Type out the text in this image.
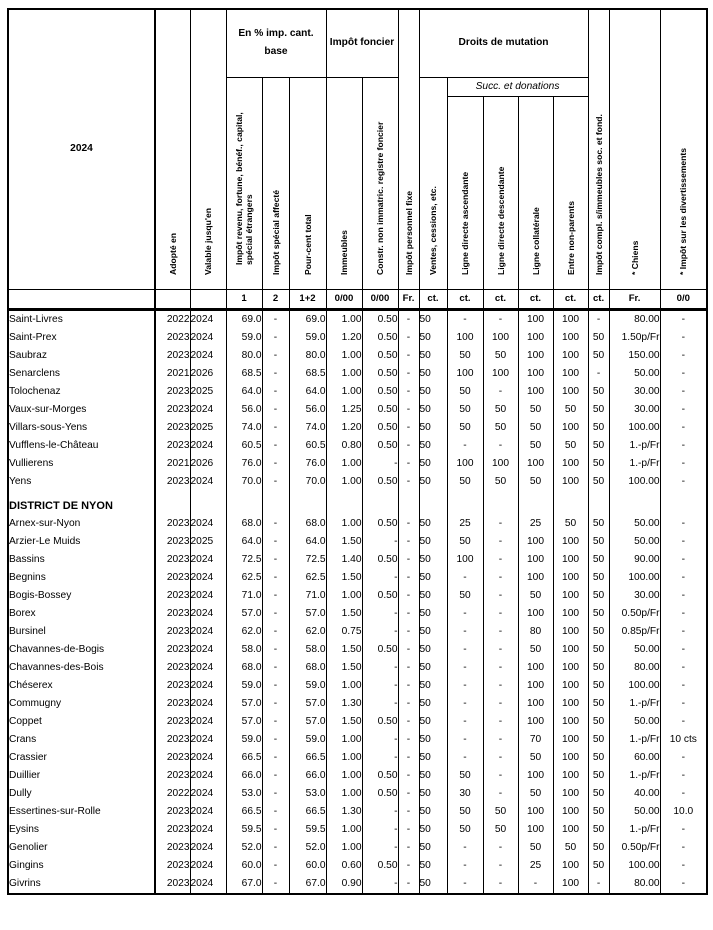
2024	Adopté en	Valable jusqu'en	En % imp. cant. base			Impôt foncier		Impôt personnel fixe	Droits de mutation					Impôt compl. s/immeubles soc. et fond.	* Chiens	* Impôt sur les divertissements

			Impôt revenu, fortune, bénéf., capital, spécial étrangers	Impôt spécial affecté	Pour-cent total	Immeubles	Constr. non immatric. registre foncier		Ventes, cessions, etc.	Succ. et donations						

										Ligne directe ascendante	Ligne directe descendante	Ligne collatérale	Entre non-parents			

			1	2	1+2	0/00	0/00	Fr.	ct.	ct.	ct.	ct.	ct.	ct.	Fr.	0/0
Saint-Livres	2022	2024	69.0	-	69.0	1.00	0.50	-	50	-	-	100	100	-	80.00	-
Saint-Prex	2023	2024	59.0	-	59.0	1.20	0.50	-	50	100	100	100	100	50	1.50p/Fr	-
Saubraz	2023	2024	80.0	-	80.0	1.00	0.50	-	50	50	50	100	100	50	150.00	-
Senarclens	2021	2026	68.5	-	68.5	1.00	0.50	-	50	100	100	100	100	-	50.00	-
Tolochenaz	2023	2025	64.0	-	64.0	1.00	0.50	-	50	50	-	100	100	50	30.00	-
Vaux-sur-Morges	2023	2024	56.0	-	56.0	1.25	0.50	-	50	50	50	50	50	50	30.00	-
Villars-sous-Yens	2023	2025	74.0	-	74.0	1.20	0.50	-	50	50	50	50	100	50	100.00	-
Vufflens-le-Château	2023	2024	60.5	-	60.5	0.80	0.50	-	50	-	-	50	50	50	1.-p/Fr	-
Vullierens	2021	2026	76.0	-	76.0	1.00	-	-	50	100	100	100	100	50	1.-p/Fr	-
Yens	2023	2024	70.0	-	70.0	1.00	0.50	-	50	50	50	50	100	50	100.00	-
DISTRICT DE NYON																
Arnex-sur-Nyon	2023	2024	68.0	-	68.0	1.00	0.50	-	50	25	-	25	50	50	50.00	-
Arzier-Le Muids	2023	2025	64.0	-	64.0	1.50	-	-	50	50	-	100	100	50	50.00	-
Bassins	2023	2024	72.5	-	72.5	1.40	0.50	-	50	100	-	100	100	50	90.00	-
Begnins	2023	2024	62.5	-	62.5	1.50	-	-	50	-	-	100	100	50	100.00	-
Bogis-Bossey	2023	2024	71.0	-	71.0	1.00	0.50	-	50	50	-	50	100	50	30.00	-
Borex	2023	2024	57.0	-	57.0	1.50	-	-	50	-	-	100	100	50	0.50p/Fr	-
Bursinel	2023	2024	62.0	-	62.0	0.75	-	-	50	-	-	80	100	50	0.85p/Fr	-
Chavannes-de-Bogis	2023	2024	58.0	-	58.0	1.50	0.50	-	50	-	-	50	100	50	50.00	-
Chavannes-des-Bois	2023	2024	68.0	-	68.0	1.50	-	-	50	-	-	100	100	50	80.00	-
Chéserex	2023	2024	59.0	-	59.0	1.00	-	-	50	-	-	100	100	50	100.00	-
Commugny	2023	2024	57.0	-	57.0	1.30	-	-	50	-	-	100	100	50	1.-p/Fr	-
Coppet	2023	2024	57.0	-	57.0	1.50	0.50	-	50	-	-	100	100	50	50.00	-
Crans	2023	2024	59.0	-	59.0	1.00	-	-	50	-	-	70	100	50	1.-p/Fr	10 cts
Crassier	2023	2024	66.5	-	66.5	1.00	-	-	50	-	-	50	100	50	60.00	-
Duillier	2023	2024	66.0	-	66.0	1.00	0.50	-	50	50	-	100	100	50	1.-p/Fr	-
Dully	2022	2024	53.0	-	53.0	1.00	0.50	-	50	30	-	50	100	50	40.00	-
Essertines-sur-Rolle	2023	2024	66.5	-	66.5	1.30	-	-	50	50	50	100	100	50	50.00	10.0
Eysins	2023	2024	59.5	-	59.5	1.00	-	-	50	50	50	100	100	50	1.-p/Fr	-
Genolier	2023	2024	52.0	-	52.0	1.00	-	-	50	-	-	50	50	50	0.50p/Fr	-
Gingins	2023	2024	60.0	-	60.0	0.60	0.50	-	50	-	-	25	100	50	100.00	-
Givrins	2023	2024	67.0	-	67.0	0.90	-	-	50	-	-	-	100	-	80.00	-
